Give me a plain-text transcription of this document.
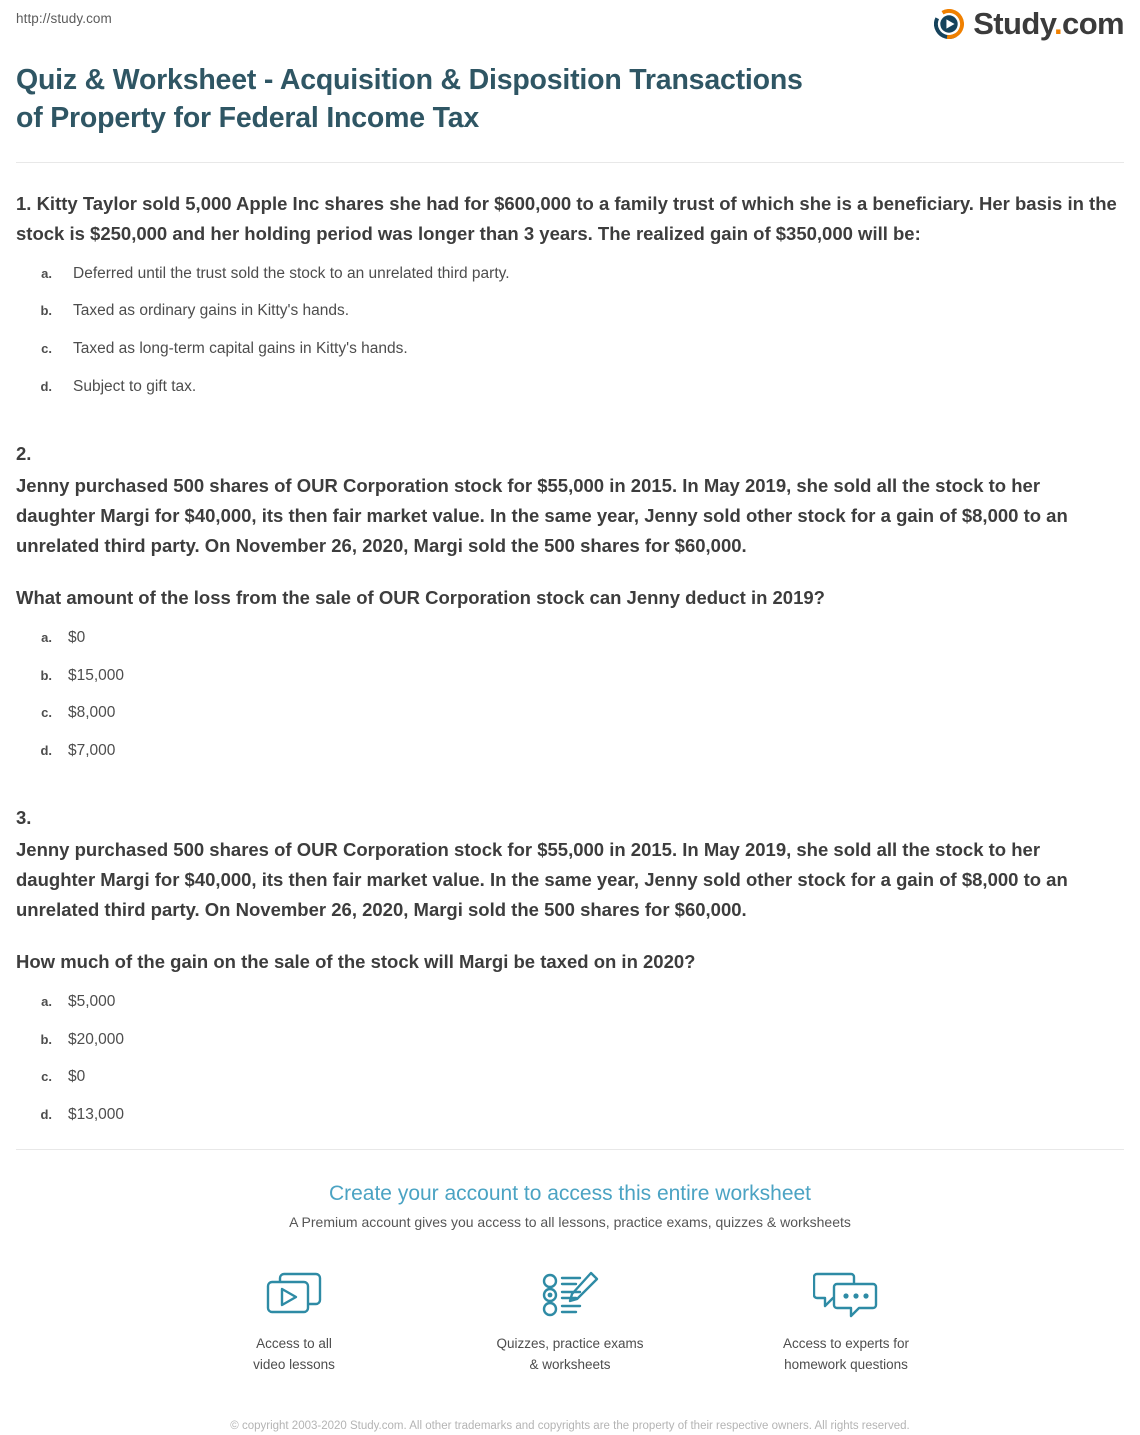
http://study.com	Study.com
Quiz & Worksheet - Acquisition & Disposition Transactions
of Property for Federal Income Tax

1. Kitty Taylor sold 5,000 Apple Inc shares she had for $600,000 to a family trust of which she is a beneficiary. Her basis in the stock is $250,000 and her holding period was longer than 3 years. The realized gain of $350,000 will be:

a. Deferred until the trust sold the stock to an unrelated third party.
b. Taxed as ordinary gains in Kitty's hands.
c. Taxed as long-term capital gains in Kitty's hands.
d. Subject to gift tax.

2.

Jenny purchased 500 shares of OUR Corporation stock for $55,000 in 2015. In May 2019, she sold all the stock to her daughter Margi for $40,000, its then fair market value. In the same year, Jenny sold other stock for a gain of $8,000 to an unrelated third party. On November 26, 2020, Margi sold the 500 shares for $60,000.

What amount of the loss from the sale of OUR Corporation stock can Jenny deduct in 2019?

a. $0
b. $15,000
c. $8,000
d. $7,000

3.

Jenny purchased 500 shares of OUR Corporation stock for $55,000 in 2015. In May 2019, she sold all the stock to her daughter Margi for $40,000, its then fair market value. In the same year, Jenny sold other stock for a gain of $8,000 to an unrelated third party. On November 26, 2020, Margi sold the 500 shares for $60,000.

How much of the gain on the sale of the stock will Margi be taxed on in 2020?

a. $5,000
b. $20,000
c. $0
d. $13,000

Create your account to access this entire worksheet

A Premium account gives you access to all lessons, practice exams, quizzes & worksheets

Access to all
video lessons
Quizzes, practice exams
& worksheets
Access to experts for
homework questions
© copyright 2003-2020 Study.com. All other trademarks and copyrights are the property of their respective owners. All rights reserved.
